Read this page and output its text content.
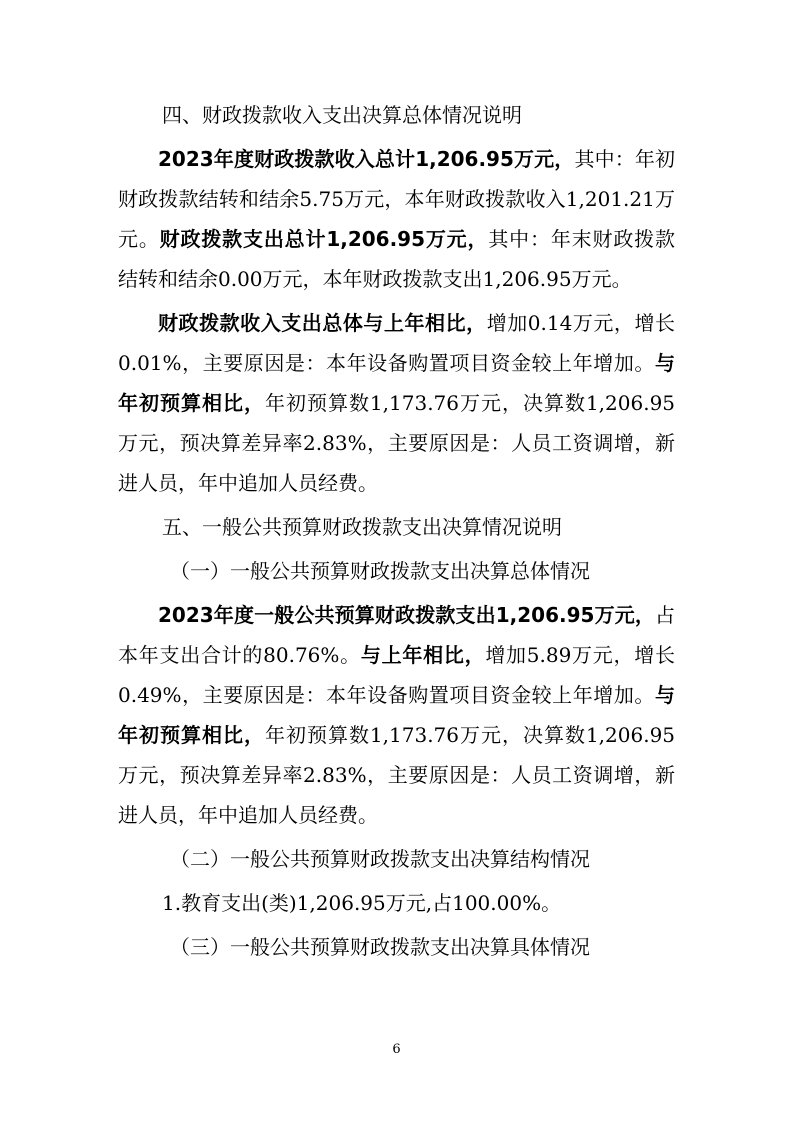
四、财政拨款收入支出决算总体情况说明

2023年度财政拨款收入总计1,206.95万元，其中：年初财政拨款结转和结余5.75万元，本年财政拨款收入1,201.21万元。财政拨款支出总计1,206.95万元，其中：年末财政拨款结转和结余0.00万元，本年财政拨款支出1,206.95万元。

财政拨款收入支出总体与上年相比，增加0.14万元，增长0.01%，主要原因是：本年设备购置项目资金较上年增加。与年初预算相比，年初预算数1,173.76万元，决算数1,206.95万元，预决算差异率2.83%，主要原因是：人员工资调增，新进人员，年中追加人员经费。

五、一般公共预算财政拨款支出决算情况说明
（一）一般公共预算财政拨款支出决算总体情况

2023年度一般公共预算财政拨款支出1,206.95万元，占本年支出合计的80.76%。与上年相比，增加5.89万元，增长0.49%，主要原因是：本年设备购置项目资金较上年增加。与年初预算相比，年初预算数1,173.76万元，决算数1,206.95万元，预决算差异率2.83%，主要原因是：人员工资调增，新进人员，年中追加人员经费。

（二）一般公共预算财政拨款支出决算结构情况
1.教育支出(类)1,206.95万元,占100.00%。
（三）一般公共预算财政拨款支出决算具体情况
6
